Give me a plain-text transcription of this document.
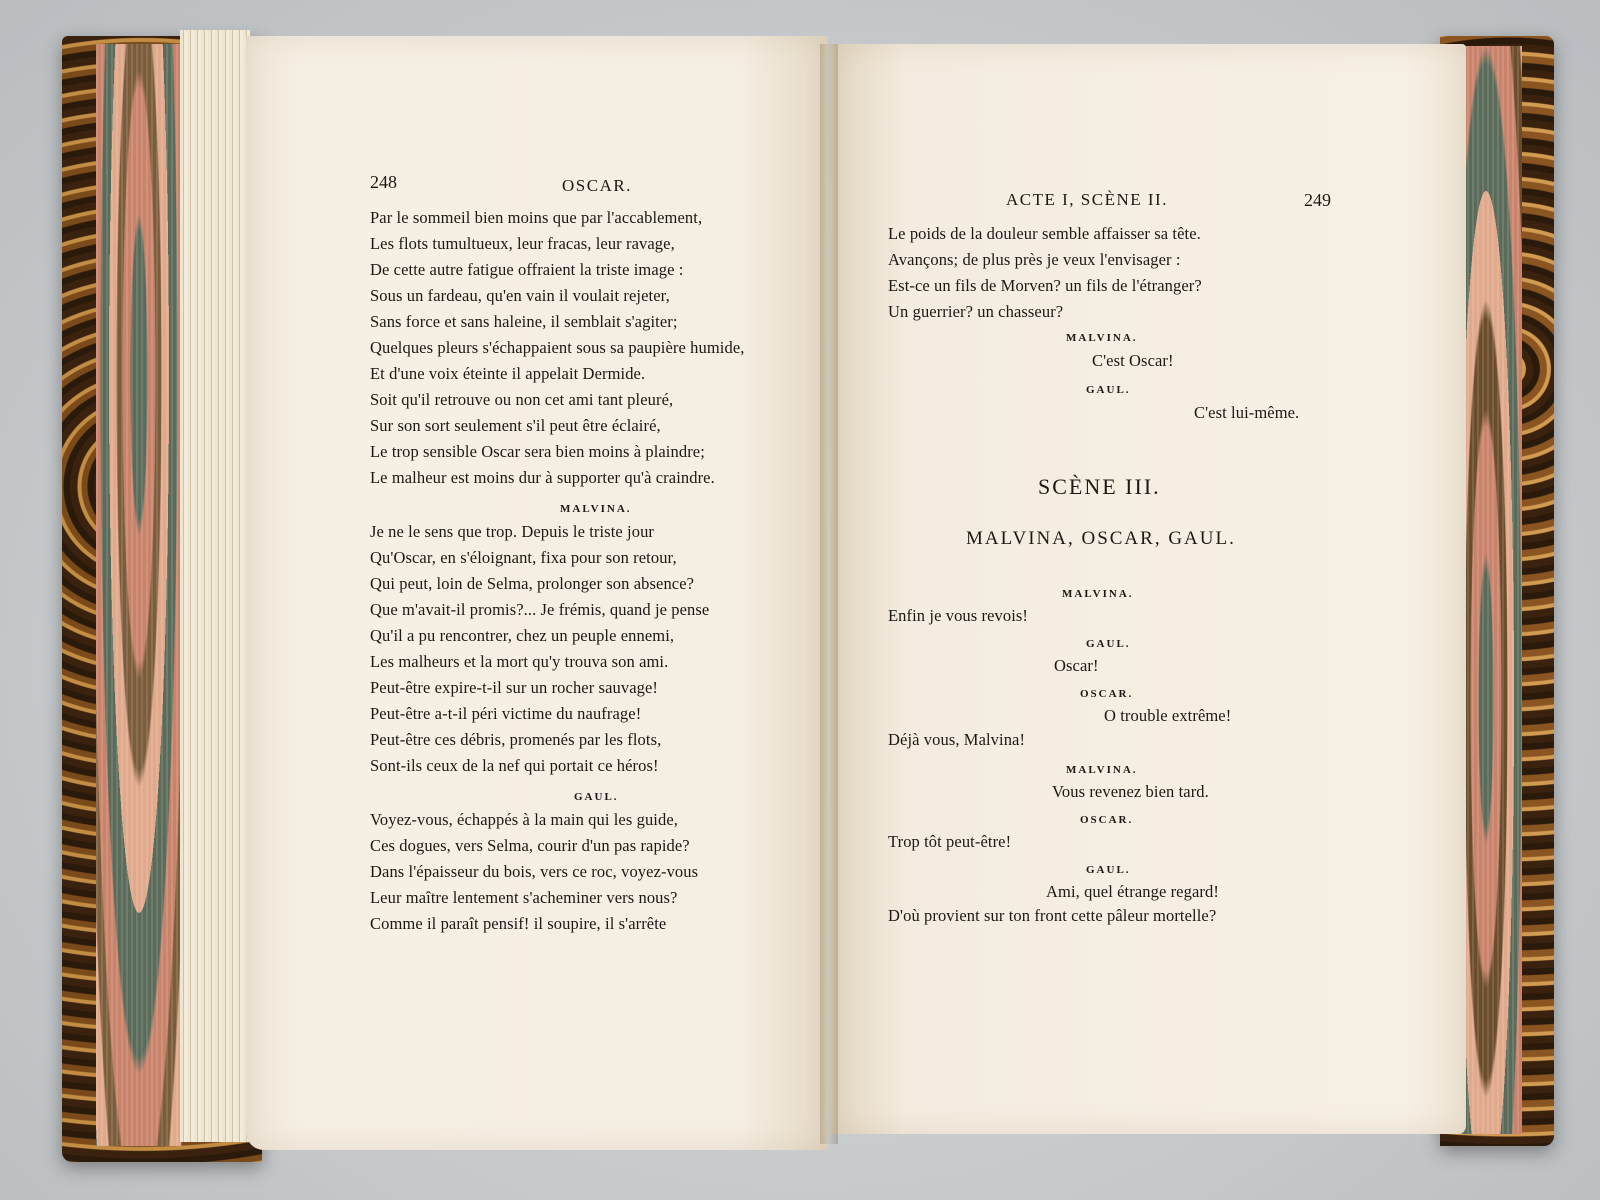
248	OSCAR.
Par le sommeil bien moins que par l'accablement,
Les flots tumultueux, leur fracas, leur ravage,
De cette autre fatigue offraient la triste image :
Sous un fardeau, qu'en vain il voulait rejeter,
Sans force et sans haleine, il semblait s'agiter;
Quelques pleurs s'échappaient sous sa paupière humide,
Et d'une voix éteinte il appelait Dermide.
Soit qu'il retrouve ou non cet ami tant pleuré,
Sur son sort seulement s'il peut être éclairé,
Le trop sensible Oscar sera bien moins à plaindre;
Le malheur est moins dur à supporter qu'à craindre.
MALVINA.
Je ne le sens que trop. Depuis le triste jour
Qu'Oscar, en s'éloignant, fixa pour son retour,
Qui peut, loin de Selma, prolonger son absence?
Que m'avait-il promis?... Je frémis, quand je pense
Qu'il a pu rencontrer, chez un peuple ennemi,
Les malheurs et la mort qu'y trouva son ami.
Peut-être expire-t-il sur un rocher sauvage!
Peut-être a-t-il péri victime du naufrage!
Peut-être ces débris, promenés par les flots,
Sont-ils ceux de la nef qui portait ce héros!
GAUL.
Voyez-vous, échappés à la main qui les guide,
Ces dogues, vers Selma, courir d'un pas rapide?
Dans l'épaisseur du bois, vers ce roc, voyez-vous
Leur maître lentement s'acheminer vers nous?
Comme il paraît pensif! il soupire, il s'arrête
ACTE I, SCÈNE II.	249
Le poids de la douleur semble affaisser sa tête.
Avançons; de plus près je veux l'envisager :
Est-ce un fils de Morven? un fils de l'étranger?
Un guerrier? un chasseur?
MALVINA.
C'est Oscar!
GAUL.
C'est lui-même.
SCÈNE III.
MALVINA, OSCAR, GAUL.
MALVINA.
Enfin je vous revois!
GAUL.
Oscar!
OSCAR.
O trouble extrême!
Déjà vous, Malvina!
MALVINA.
Vous revenez bien tard.
OSCAR.
Trop tôt peut-être!
GAUL.
Ami, quel étrange regard!
D'où provient sur ton front cette pâleur mortelle?
